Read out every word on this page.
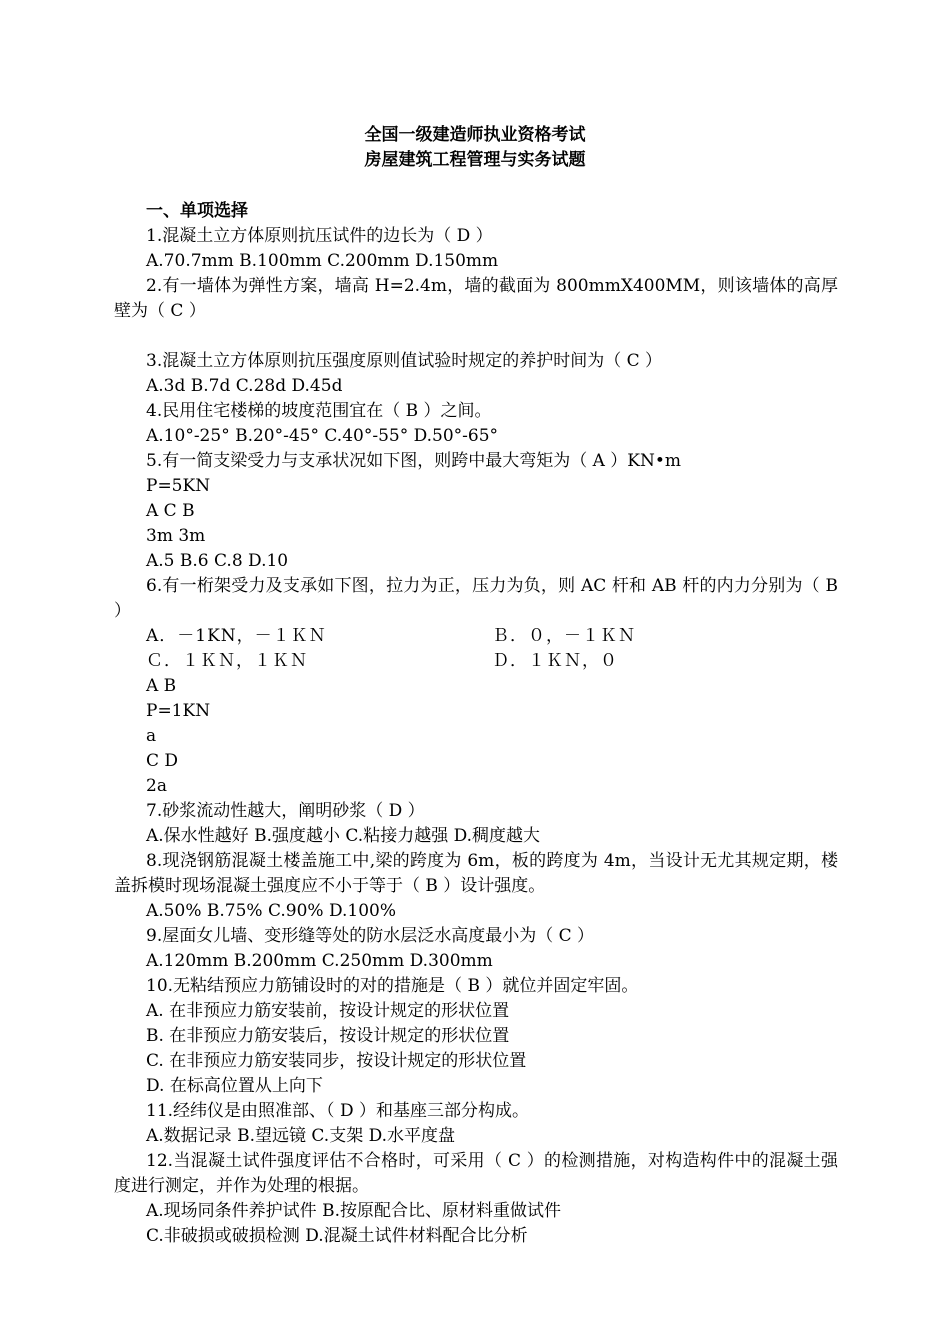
全国一级建造师执业资格考试
房屋建筑工程管理与实务试题
一、单项选择
1.混凝土立方体原则抗压试件的边长为（ D ）
A.70.7mm B.100mm C.200mm D.150mm
2.有一墙体为弹性方案，墙高 H=2.4m，墙的截面为 800mmX400MM，则该墙体的高厚壁为（ C ）
3.混凝土立方体原则抗压强度原则值试验时规定的养护时间为（ C ）
A.3d B.7d C.28d D.45d
4.民用住宅楼梯的坡度范围宜在（ B ）之间。
A.10°-25° B.20°-45° C.40°-55° D.50°-65°
5.有一简支梁受力与支承状况如下图，则跨中最大弯矩为（ A ）KN•m
P=5KN
A C B
3m 3m
A.5 B.6 C.8 D.10
6.有一桁架受力及支承如下图，拉力为正，压力为负，则 AC 杆和 AB 杆的内力分别为（ B ）
A．－1KN，－１ＫＮ	Ｂ．０，－１ＫＮ
Ｃ．１ＫＮ，１ＫＮ	Ｄ．１ＫＮ，０
A B
P=1KN
a
C D
2a
7.砂浆流动性越大，阐明砂浆（ D ）
A.保水性越好 B.强度越小 C.粘接力越强 D.稠度越大
8.现浇钢筋混凝土楼盖施工中,梁的跨度为 6m，板的跨度为 4m，当设计无尤其规定期，楼盖拆模时现场混凝土强度应不小于等于（ B ）设计强度。
A.50% B.75% C.90% D.100%
9.屋面女儿墙、变形缝等处的防水层泛水高度最小为（ C ）
A.120mm B.200mm C.250mm D.300mm
10.无粘结预应力筋铺设时的对的措施是（ B ）就位并固定牢固。
A. 在非预应力筋安装前，按设计规定的形状位置
B. 在非预应力筋安装后，按设计规定的形状位置
C. 在非预应力筋安装同步，按设计规定的形状位置
D. 在标高位置从上向下
11.经纬仪是由照准部、（ D ）和基座三部分构成。
A.数据记录 B.望远镜 C.支架 D.水平度盘
12.当混凝土试件强度评估不合格时，可采用（ C ）的检测措施，对构造构件中的混凝土强度进行测定，并作为处理的根据。
A.现场同条件养护试件 B.按原配合比、原材料重做试件
C.非破损或破损检测 D.混凝土试件材料配合比分析
